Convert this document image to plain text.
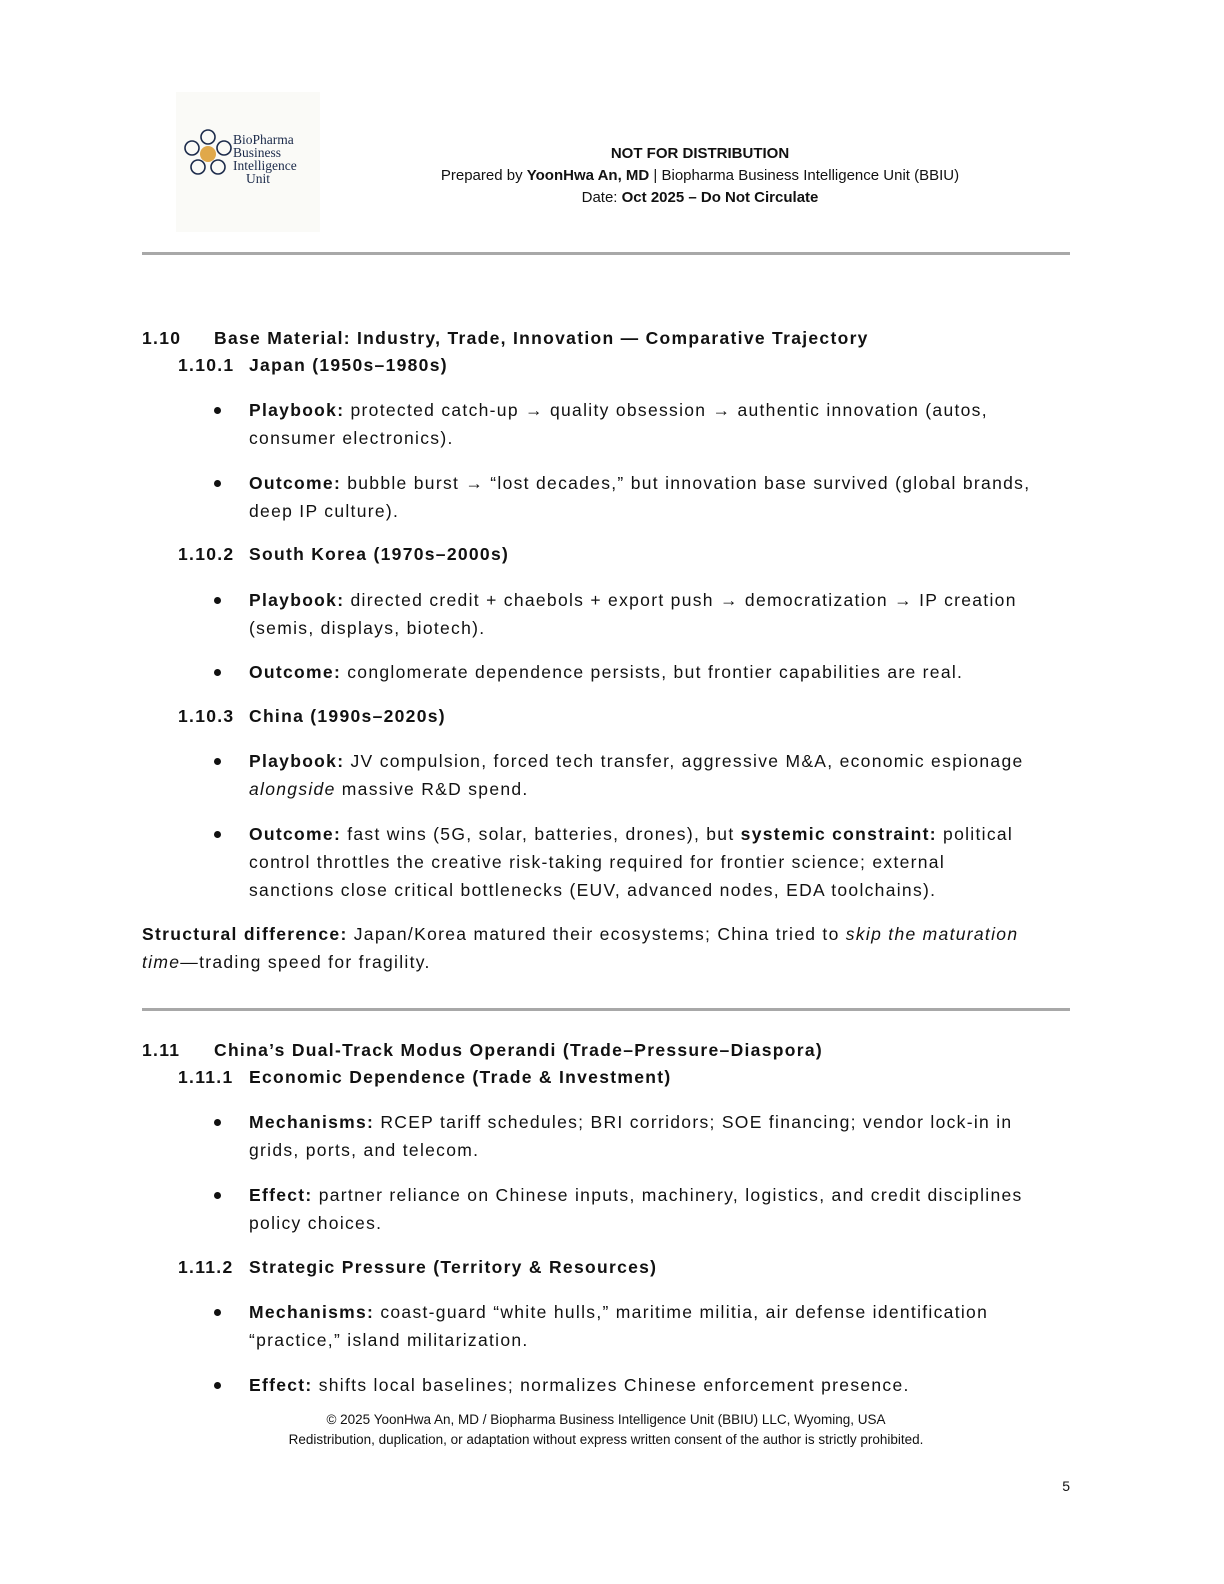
BioPharma
Business
Intelligence
Unit
NOT FOR DISTRIBUTION
Prepared by YoonHwa An, MD | Biopharma Business Intelligence Unit (BBIU)
Date: Oct 2025 – Do Not Circulate
1.10 Base Material: Industry, Trade, Innovation — Comparative Trajectory
1.10.1 Japan (1950s–1980s)
Playbook: protected catch-up → quality obsession → authentic innovation (autos,
consumer electronics).
Outcome: bubble burst → “lost decades,” but innovation base survived (global brands,
deep IP culture).
1.10.2 South Korea (1970s–2000s)
Playbook: directed credit + chaebols + export push → democratization → IP creation
(semis, displays, biotech).
Outcome: conglomerate dependence persists, but frontier capabilities are real.
1.10.3 China (1990s–2020s)
Playbook: JV compulsion, forced tech transfer, aggressive M&A, economic espionage
alongside massive R&D spend.
Outcome: fast wins (5G, solar, batteries, drones), but systemic constraint: political
control throttles the creative risk-taking required for frontier science; external
sanctions close critical bottlenecks (EUV, advanced nodes, EDA toolchains).
Structural difference: Japan/Korea matured their ecosystems; China tried to skip the maturation
time—trading speed for fragility.
1.11 China’s Dual-Track Modus Operandi (Trade–Pressure–Diaspora)
1.11.1 Economic Dependence (Trade & Investment)
Mechanisms: RCEP tariff schedules; BRI corridors; SOE financing; vendor lock-in in
grids, ports, and telecom.
Effect: partner reliance on Chinese inputs, machinery, logistics, and credit disciplines
policy choices.
1.11.2 Strategic Pressure (Territory & Resources)
Mechanisms: coast-guard “white hulls,” maritime militia, air defense identification
“practice,” island militarization.
Effect: shifts local baselines; normalizes Chinese enforcement presence.
© 2025 YoonHwa An, MD / Biopharma Business Intelligence Unit (BBIU) LLC, Wyoming, USA
Redistribution, duplication, or adaptation without express written consent of the author is strictly prohibited.
5
